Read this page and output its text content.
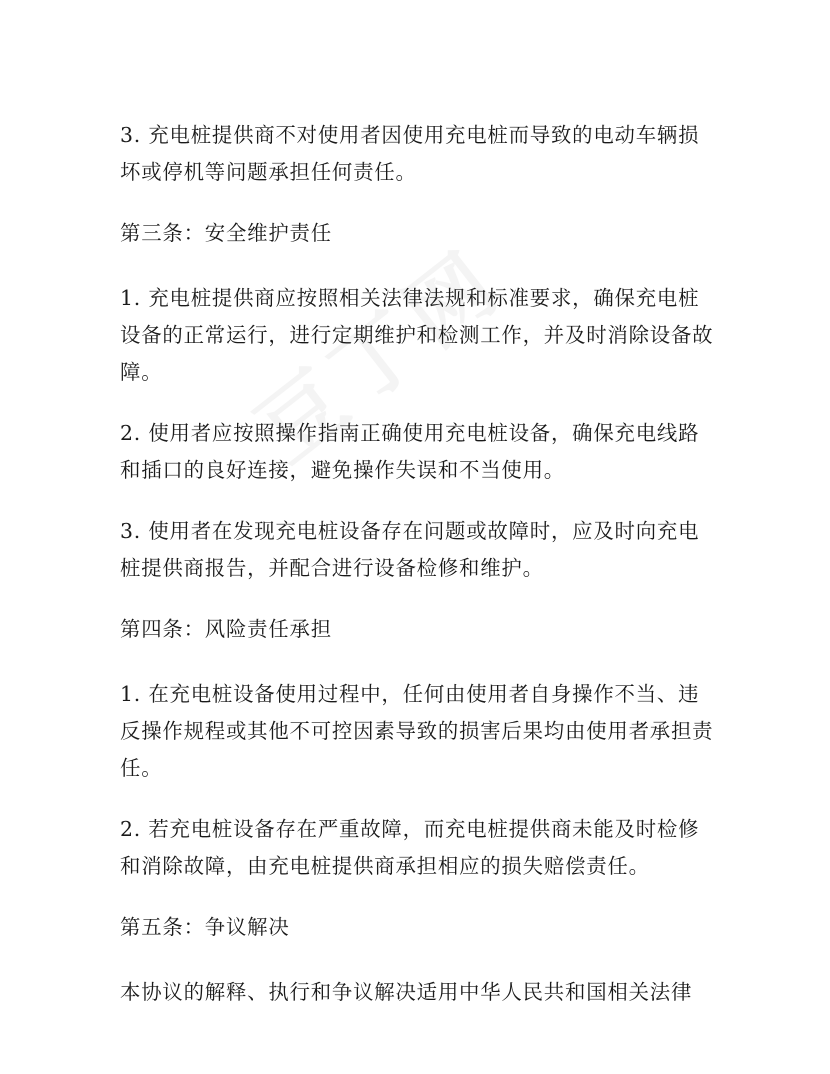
3. 充电桩提供商不对使用者因使用充电桩而导致的电动车辆损坏或停机等问题承担任何责任。

第三条：安全维护责任

1. 充电桩提供商应按照相关法律法规和标准要求，确保充电桩设备的正常运行，进行定期维护和检测工作，并及时消除设备故障。

2. 使用者应按照操作指南正确使用充电桩设备，确保充电线路和插口的良好连接，避免操作失误和不当使用。

3. 使用者在发现充电桩设备存在问题或故障时，应及时向充电桩提供商报告，并配合进行设备检修和维护。

第四条：风险责任承担

1. 在充电桩设备使用过程中，任何由使用者自身操作不当、违反操作规程或其他不可控因素导致的损害后果均由使用者承担责任。

2. 若充电桩设备存在严重故障，而充电桩提供商未能及时检修和消除故障，由充电桩提供商承担相应的损失赔偿责任。

第五条：争议解决

本协议的解释、执行和争议解决适用中华人民共和国相关法律
